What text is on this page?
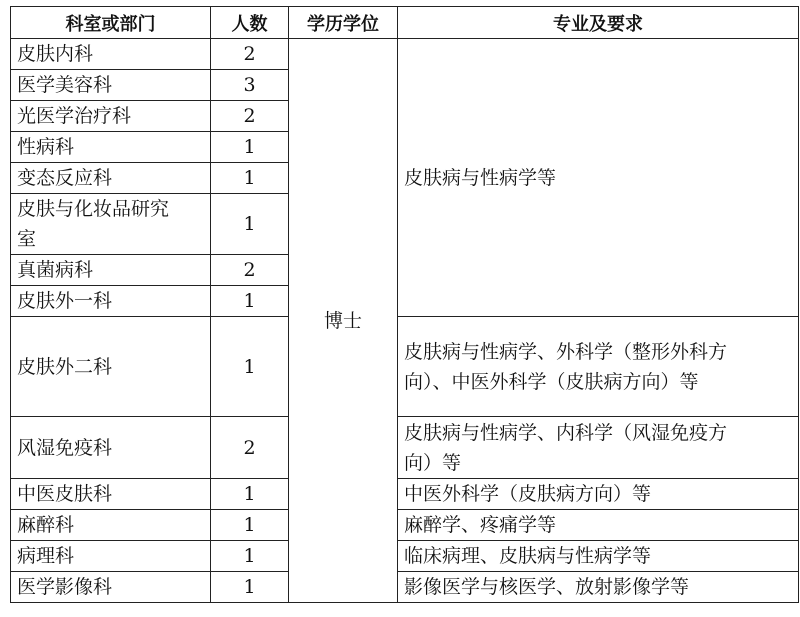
科室或部门	人数	学历学位	专业及要求
皮肤内科	2	博士	皮肤病与性病学等
医学美容科	3		
光医学治疗科	2		
性病科	1		
变态反应科	1		

皮肤与化妆品研究
室	1		
真菌病科	2		
皮肤外一科	1		
皮肤外二科	1		皮肤病与性病学、外科学（整形外科方
向）、中医外科学（皮肤病方向）等

风湿免疫科	2		皮肤病与性病学、内科学（风湿免疫方
向）等

中医皮肤科	1		中医外科学（皮肤病方向）等
麻醉科	1		麻醉学、疼痛学等
病理科	1		临床病理、皮肤病与性病学等
医学影像科	1		影像医学与核医学、放射影像学等
